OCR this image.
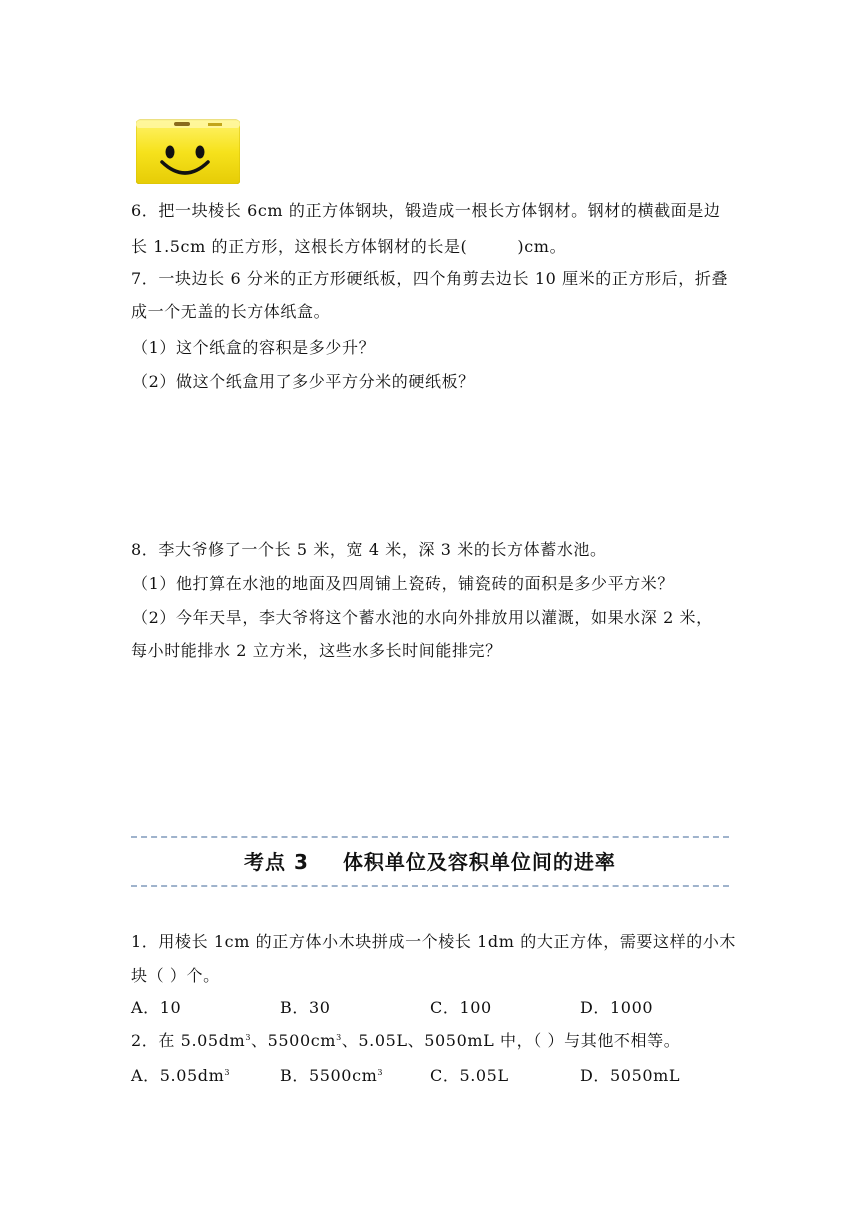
6．把一块棱长 6cm 的正方体钢块，锻造成一根长方体钢材。钢材的横截面是边
长 1.5cm 的正方形，这根长方体钢材的长是(	)cm。
7．一块边长 6 分米的正方形硬纸板，四个角剪去边长 10 厘米的正方形后，折叠
成一个无盖的长方体纸盒。
（1）这个纸盒的容积是多少升？
（2）做这个纸盒用了多少平方分米的硬纸板？
8．李大爷修了一个长 5 米，宽 4 米，深 3 米的长方体蓄水池。
（1）他打算在水池的地面及四周铺上瓷砖，铺瓷砖的面积是多少平方米？
（2）今年天旱，李大爷将这个蓄水池的水向外排放用以灌溉，如果水深 2 米，
每小时能排水 2 立方米，这些水多长时间能排完？
考点 3 体积单位及容积单位间的进率
1．用棱长 1cm 的正方体小木块拼成一个棱长 1dm 的大正方体，需要这样的小木
块（ ）个。
A．10	B．30	C．100	D．1000
2．在 $5.05dm^3$、$5500cm^3$、5.05L、5050mL 中，（ ）与其他不相等。
A．$5.05dm^3$	B．$5500cm^3$	C．5.05L	D．5050mL
